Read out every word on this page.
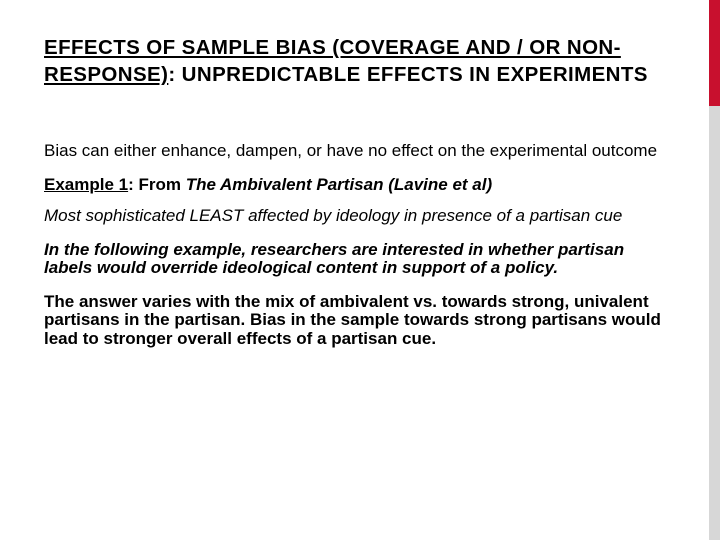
EFFECTS OF SAMPLE BIAS (COVERAGE AND / OR NON-RESPONSE): UNPREDICTABLE EFFECTS IN EXPERIMENTS

Bias can either enhance, dampen, or have no effect on the experimental outcome

Example 1: From The Ambivalent Partisan (Lavine et al)

Most sophisticated LEAST affected by ideology in presence of a partisan cue

In the following example, researchers are interested in whether partisan labels would override ideological content in support of a policy.

The answer varies with the mix of ambivalent vs. towards strong, univalent partisans in the partisan. Bias in the sample towards strong partisans would lead to stronger overall effects of a partisan cue.
